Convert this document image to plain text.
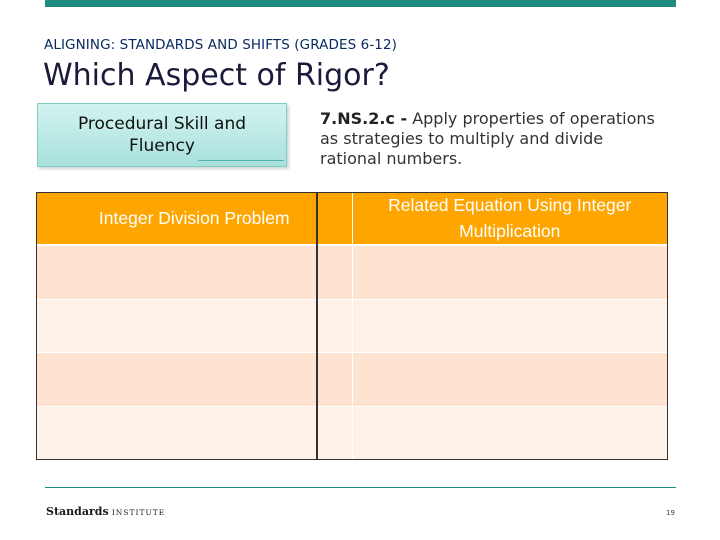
ALIGNING: STANDARDS AND SHIFTS (GRADES 6-12)
Which Aspect of Rigor?
Procedural Skill and Fluency
7.NS.2.c - Apply properties of operations as strategies to multiply and divide rational numbers.
Integer Division Problem	Related Equation Using Integer Multiplication

Standards INSTITUTE	19
